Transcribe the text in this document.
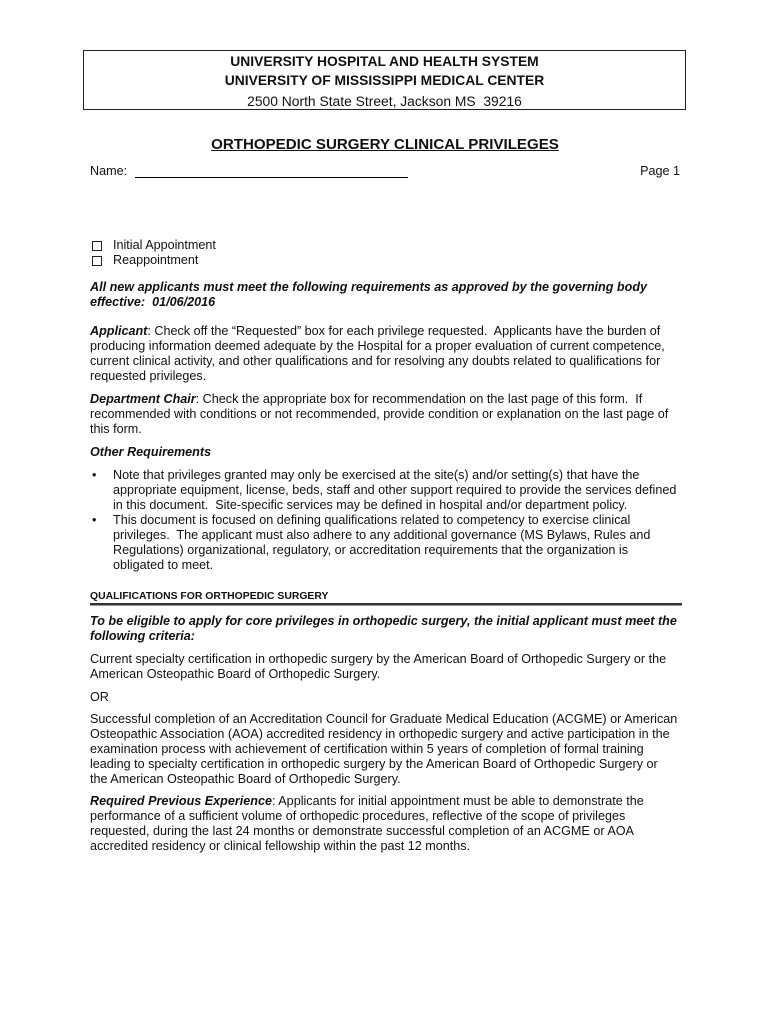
UNIVERSITY HOSPITAL AND HEALTH SYSTEM
UNIVERSITY OF MISSISSIPPI MEDICAL CENTER
2500 North State Street, Jackson MS  39216
ORTHOPEDIC SURGERY CLINICAL PRIVILEGES
Name:	Page 1
Initial Appointment
Reappointment
All new applicants must meet the following requirements as approved by the governing body
effective:  01/06/2016
Applicant: Check off the “Requested” box for each privilege requested.  Applicants have the burden of
producing information deemed adequate by the Hospital for a proper evaluation of current competence,
current clinical activity, and other qualifications and for resolving any doubts related to qualifications for
requested privileges.
Department Chair: Check the appropriate box for recommendation on the last page of this form.  If
recommended with conditions or not recommended, provide condition or explanation on the last page of
this form.
Other Requirements
•
Note that privileges granted may only be exercised at the site(s) and/or setting(s) that have the
appropriate equipment, license, beds, staff and other support required to provide the services defined
in this document.  Site-specific services may be defined in hospital and/or department policy.
•
This document is focused on defining qualifications related to competency to exercise clinical
privileges.  The applicant must also adhere to any additional governance (MS Bylaws, Rules and
Regulations) organizational, regulatory, or accreditation requirements that the organization is
obligated to meet.
QUALIFICATIONS FOR ORTHOPEDIC SURGERY
To be eligible to apply for core privileges in orthopedic surgery, the initial applicant must meet the
following criteria:
Current specialty certification in orthopedic surgery by the American Board of Orthopedic Surgery or the
American Osteopathic Board of Orthopedic Surgery.
OR
Successful completion of an Accreditation Council for Graduate Medical Education (ACGME) or American
Osteopathic Association (AOA) accredited residency in orthopedic surgery and active participation in the
examination process with achievement of certification within 5 years of completion of formal training
leading to specialty certification in orthopedic surgery by the American Board of Orthopedic Surgery or
the American Osteopathic Board of Orthopedic Surgery.
Required Previous Experience: Applicants for initial appointment must be able to demonstrate the
performance of a sufficient volume of orthopedic procedures, reflective of the scope of privileges
requested, during the last 24 months or demonstrate successful completion of an ACGME or AOA
accredited residency or clinical fellowship within the past 12 months.
